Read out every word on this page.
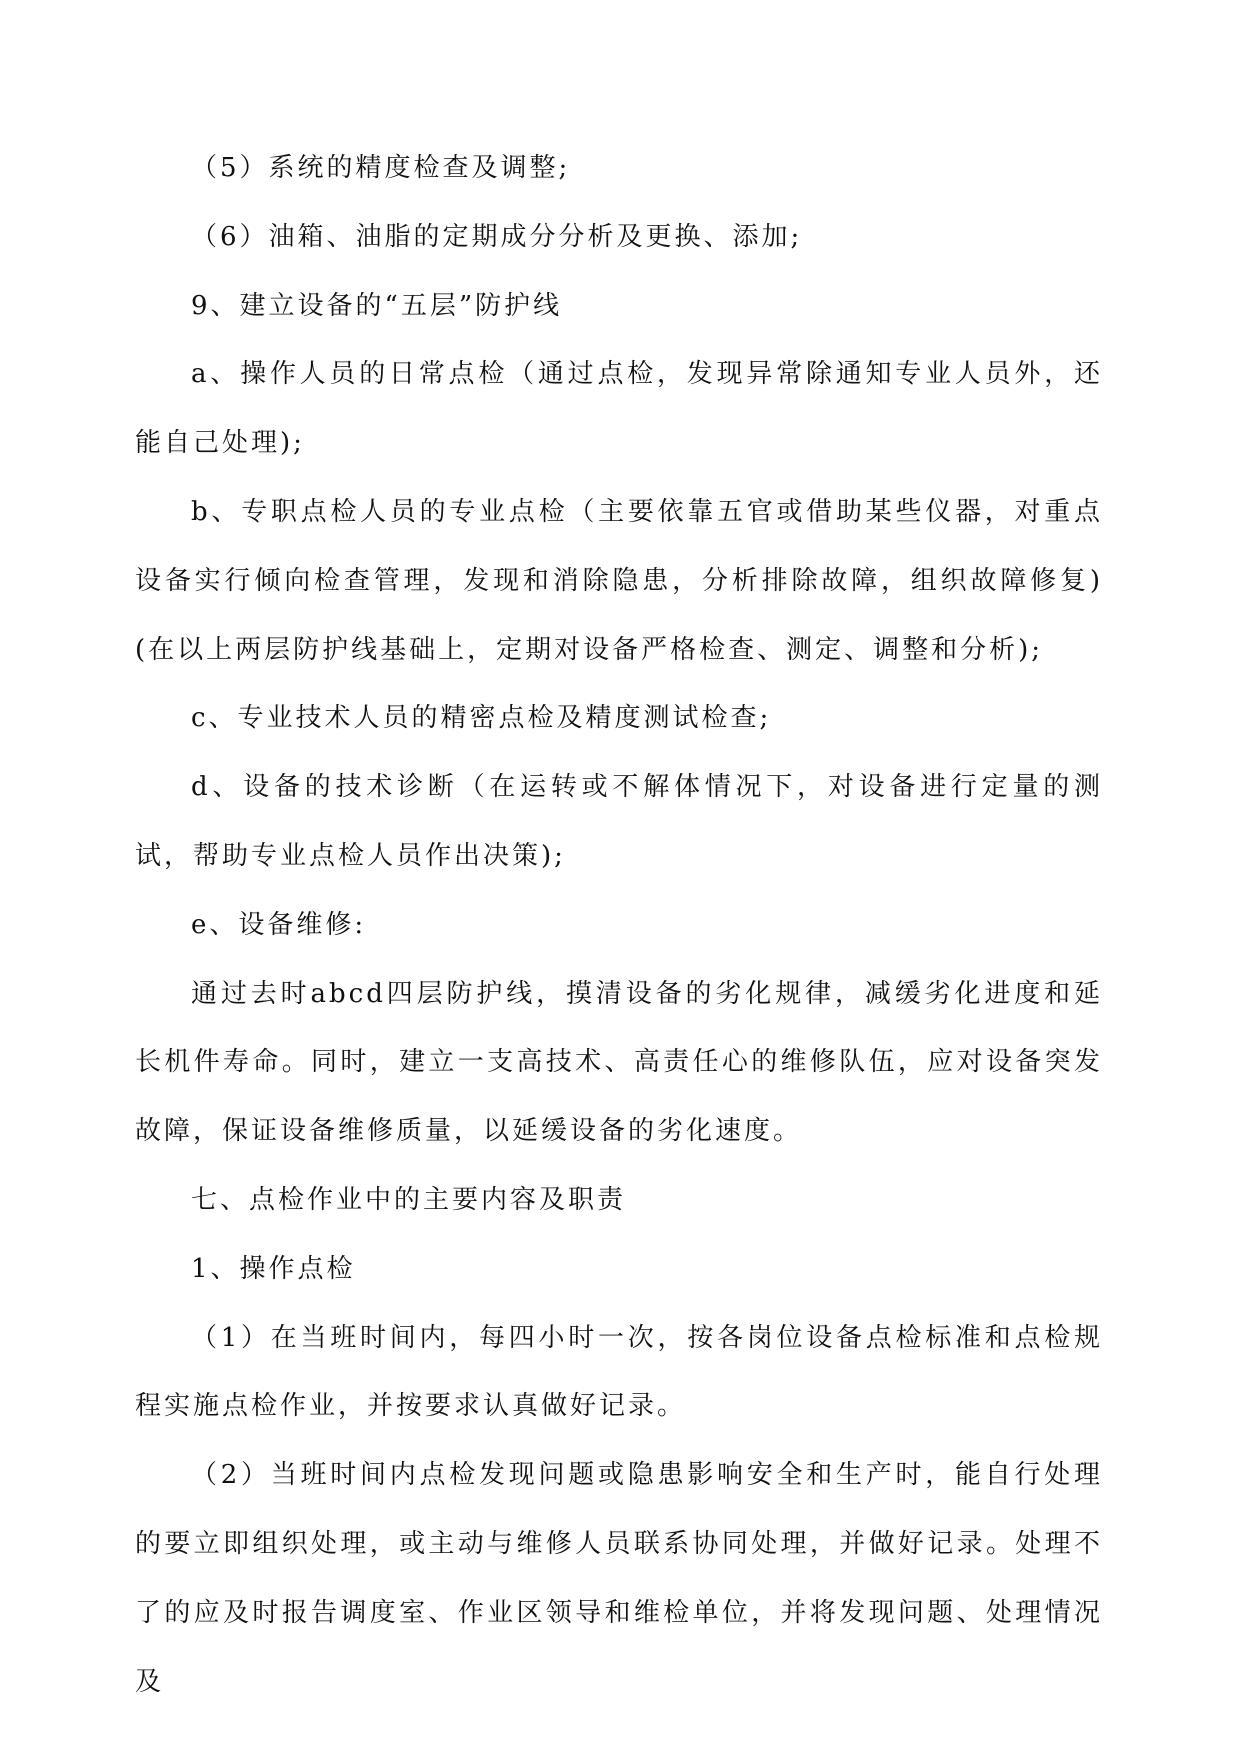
（5）系统的精度检查及调整;

（6）油箱、油脂的定期成分分析及更换、添加;

9、建立设备的“五层”防护线

a、操作人员的日常点检（通过点检，发现异常除通知专业人员外，还能自己处理);

b、专职点检人员的专业点检（主要依靠五官或借助某些仪器，对重点设备实行倾向检查管理，发现和消除隐患，分析排除故障，组织故障修复)(在以上两层防护线基础上，定期对设备严格检查、测定、调整和分析);

c、专业技术人员的精密点检及精度测试检查;

d、设备的技术诊断（在运转或不解体情况下，对设备进行定量的测试，帮助专业点检人员作出决策);

e、设备维修:

通过去时abcd四层防护线，摸清设备的劣化规律，减缓劣化进度和延长机件寿命。同时，建立一支高技术、高责任心的维修队伍，应对设备突发故障，保证设备维修质量，以延缓设备的劣化速度。

七、点检作业中的主要内容及职责

1、操作点检

（1）在当班时间内，每四小时一次，按各岗位设备点检标准和点检规程实施点检作业，并按要求认真做好记录。

（2）当班时间内点检发现问题或隐患影响安全和生产时，能自行处理的要立即组织处理，或主动与维修人员联系协同处理，并做好记录。处理不了的应及时报告调度室、作业区领导和维检单位，并将发现问题、处理情况及
